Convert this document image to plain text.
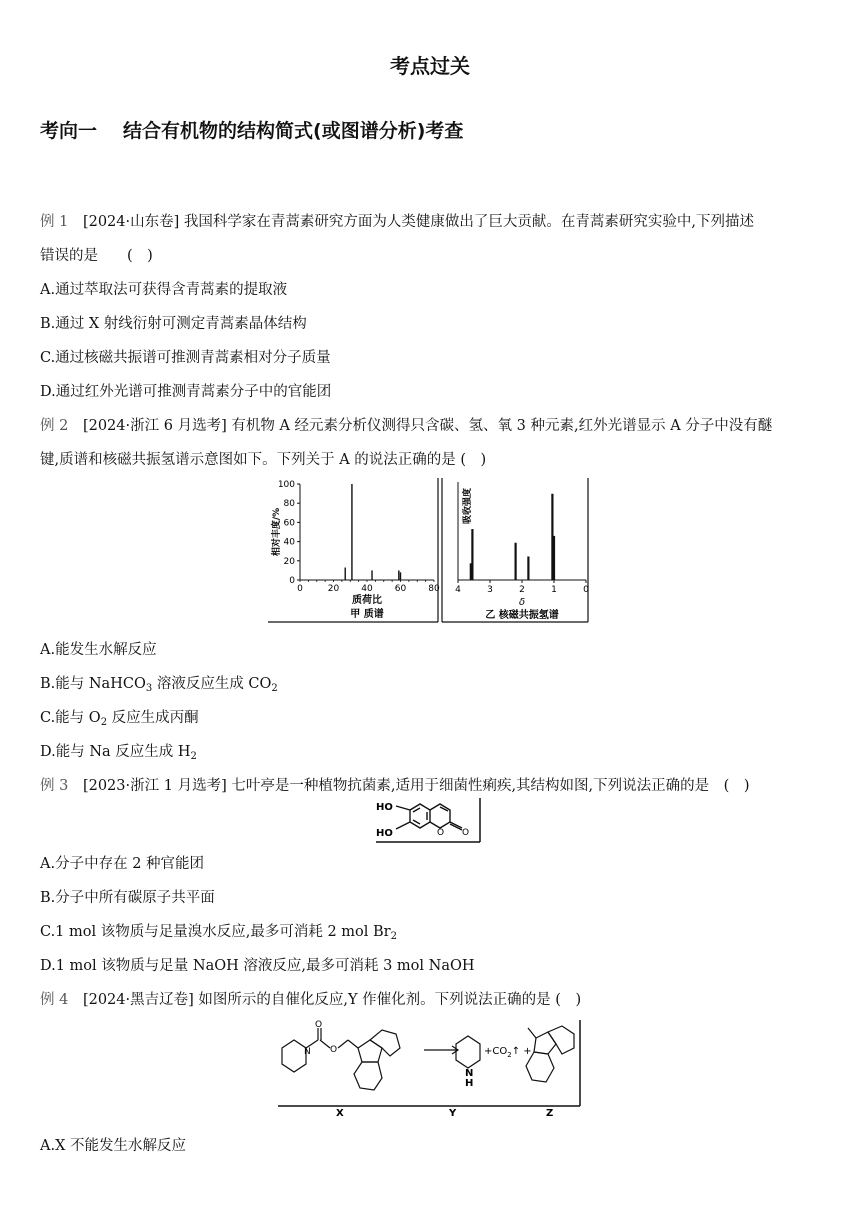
考点过关
考向一 结合有机物的结构简式(或图谱分析)考查
例 1 [2024·山东卷] 我国科学家在青蒿素研究方面为人类健康做出了巨大贡献。在青蒿素研究实验中,下列描述
错误的是　　(　)
A.通过萃取法可获得含青蒿素的提取液
B.通过 X 射线衍射可测定青蒿素晶体结构
C.通过核磁共振谱可推测青蒿素相对分子质量
D.通过红外光谱可推测青蒿素分子中的官能团
例 2 [2024·浙江 6 月选考] 有机物 A 经元素分析仪测得只含碳、氢、氧 3 种元素,红外光谱显示 A 分子中没有醚
键,质谱和核磁共振氢谱示意图如下。下列关于 A 的说法正确的是 (　)
0
20
40
60
80
100
0	20 40 60 80
质荷比
甲 质谱
相对丰度/%
4	3	2	1	0
δ
乙 核磁共振氢谱
吸收强度
A.能发生水解反应
B.能与 NaHCO$_3$ 溶液反应生成 $CO_2$
C.能与 $O_2$ 反应生成丙酮
D.能与 Na 反应生成 $H_2$
例 3 [2023·浙江 1 月选考] 七叶亭是一种植物抗菌素,适用于细菌性痢疾,其结构如图,下列说法正确的是　(　)
HO
HO	O O
A.分子中存在 2 种官能团
B.分子中所有碳原子共平面
C.1 mol 该物质与足量溴水反应,最多可消耗 2 mol $Br_2$
D.1 mol 该物质与足量 NaOH 溶液反应,最多可消耗 3 mol NaOH
例 4 [2024·黑吉辽卷] 如图所示的自催化反应,Y 作催化剂。下列说法正确的是 (　)
O
O
N
N
H
$+CO_2↑$ +
X	Y	Z
A.X 不能发生水解反应
